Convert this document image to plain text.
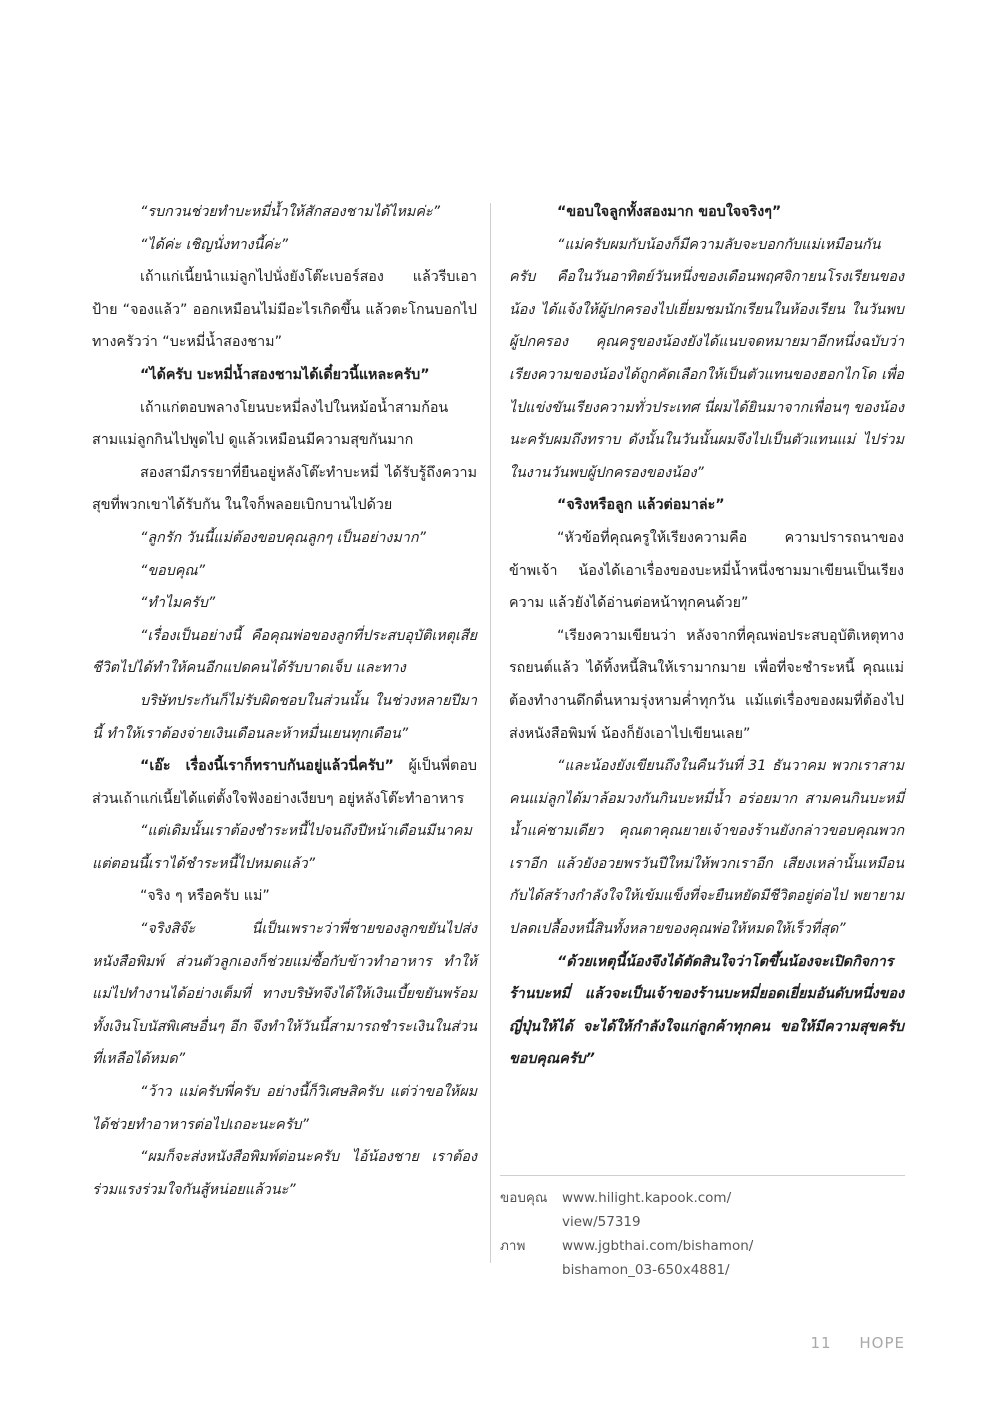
“รบกวนช่วยทำบะหมี่น้ำให้สักสองชามได้ไหมค่ะ”

“ได้ค่ะ เชิญนั่งทางนี้ค่ะ”

เถ้าแก่เนี้ยนำแม่ลูกไปนั่งยังโต๊ะเบอร์สอง แล้วรีบเอาป้าย “จองแล้ว” ออกเหมือนไม่มีอะไรเกิดขึ้น แล้วตะโกนบอกไปทางครัวว่า “บะหมี่น้ำสองชาม”

“ได้ครับ บะหมี่น้ำสองชามได้เดี๋ยวนี้แหละครับ”

เถ้าแก่ตอบพลางโยนบะหมี่ลงไปในหม้อน้ำสามก้อน สามแม่ลูกกินไปพูดไป ดูแล้วเหมือนมีความสุขกันมาก

สองสามีภรรยาที่ยืนอยู่หลังโต๊ะทำบะหมี่ ได้รับรู้ถึงความสุขที่พวกเขาได้รับกัน ในใจก็พลอยเบิกบานไปด้วย

“ลูกรัก วันนี้แม่ต้องขอบคุณลูกๆ เป็นอย่างมาก”

“ขอบคุณ”

“ทำไมครับ”

“เรื่องเป็นอย่างนี้ คือคุณพ่อของลูกที่ประสบอุบัติเหตุเสียชีวิตไปได้ทำให้คนอีกแปดคนได้รับบาดเจ็บ และทาง

บริษัทประกันก็ไม่รับผิดชอบในส่วนนั้น ในช่วงหลายปีมานี้ ทำให้เราต้องจ่ายเงินเดือนละห้าหมื่นเยนทุกเดือน”

“เอ๊ะ เรื่องนี้เราก็ทราบกันอยู่แล้วนี่ครับ” ผู้เป็นพี่ตอบ ส่วนเถ้าแก่เนี้ยได้แต่ตั้งใจฟังอย่างเงียบๆ อยู่หลังโต๊ะทำอาหาร

“แต่เดิมนั้นเราต้องชำระหนี้ไปจนถึงปีหน้าเดือนมีนาคม แต่ตอนนี้เราได้ชำระหนี้ไปหมดแล้ว”

“จริง ๆ หรือครับ แม่”

“จริงสิจ๊ะ นี่เป็นเพราะว่าพี่ชายของลูกขยันไปส่งหนังสือพิมพ์ ส่วนตัวลูกเองก็ช่วยแม่ซื้อกับข้าวทำอาหาร ทำให้แม่ไปทำงานได้อย่างเต็มที่ ทางบริษัทจึงได้ให้เงินเบี้ยขยันพร้อมทั้งเงินโบนัสพิเศษอื่นๆ อีก จึงทำให้วันนี้สามารถชำระเงินในส่วนที่เหลือได้หมด”

“ว้าว แม่ครับพี่ครับ อย่างนี้ก็วิเศษสิครับ แต่ว่าขอให้ผมได้ช่วยทำอาหารต่อไปเถอะนะครับ”

“ผมก็จะส่งหนังสือพิมพ์ต่อนะครับ ไอ้น้องชาย เราต้องร่วมแรงร่วมใจกันสู้หน่อยแล้วนะ”

“ขอบใจลูกทั้งสองมาก ขอบใจจริงๆ”

“แม่ครับผมกับน้องก็มีความลับจะบอกกับแม่เหมือนกันครับ คือในวันอาทิตย์วันหนึ่งของเดือนพฤศจิกายนโรงเรียนของน้อง ได้แจ้งให้ผู้ปกครองไปเยี่ยมชมนักเรียนในห้องเรียน ในวันพบผู้ปกครอง คุณครูของน้องยังได้แนบจดหมายมาอีกหนึ่งฉบับว่า เรียงความของน้องได้ถูกคัดเลือกให้เป็นตัวแทนของฮอกไกโด เพื่อไปแข่งขันเรียงความทั่วประเทศ นี่ผมได้ยินมาจากเพื่อนๆ ของน้องนะครับผมถึงทราบ ดังนั้นในวันนั้นผมจึงไปเป็นตัวแทนแม่ ไปร่วมในงานวันพบผู้ปกครองของน้อง”

“จริงหรือลูก แล้วต่อมาล่ะ”

“หัวข้อที่คุณครูให้เรียงความคือ ความปรารถนาของข้าพเจ้า น้องได้เอาเรื่องของบะหมี่น้ำหนึ่งชามมาเขียนเป็นเรียงความ แล้วยังได้อ่านต่อหน้าทุกคนด้วย”

“เรียงความเขียนว่า หลังจากที่คุณพ่อประสบอุบัติเหตุทางรถยนต์แล้ว ได้ทิ้งหนี้สินให้เรามากมาย เพื่อที่จะชำระหนี้ คุณแม่ต้องทำงานดึกดื่นหามรุ่งหามค่ำทุกวัน แม้แต่เรื่องของผมที่ต้องไปส่งหนังสือพิมพ์ น้องก็ยังเอาไปเขียนเลย”

“และน้องยังเขียนถึงในคืนวันที่ 31 ธันวาคม พวกเราสามคนแม่ลูกได้มาล้อมวงกันกินบะหมี่น้ำ อร่อยมาก สามคนกินบะหมี่น้ำแค่ชามเดียว คุณตาคุณยายเจ้าของร้านยังกล่าวขอบคุณพวกเราอีก แล้วยังอวยพรวันปีใหม่ให้พวกเราอีก เสียงเหล่านั้นเหมือนกับได้สร้างกำลังใจให้เข้มแข็งที่จะยืนหยัดมีชีวิตอยู่ต่อไป พยายามปลดเปลื้องหนี้สินทั้งหลายของคุณพ่อให้หมดให้เร็วที่สุด”

“ด้วยเหตุนี้น้องจึงได้ตัดสินใจว่าโตขึ้นน้องจะเปิดกิจการร้านบะหมี่ แล้วจะเป็นเจ้าของร้านบะหมี่ยอดเยี่ยมอันดับหนึ่งของญี่ปุ่นให้ได้ จะได้ให้กำลังใจแก่ลูกค้าทุกคน ขอให้มีความสุขครับ ขอบคุณครับ”

ขอบคุณ	www.hilight.kapook.com/
view/57319
ภาพ	www.jgbthai.com/bishamon/
bishamon_03-650x4881/
11 HOPE
